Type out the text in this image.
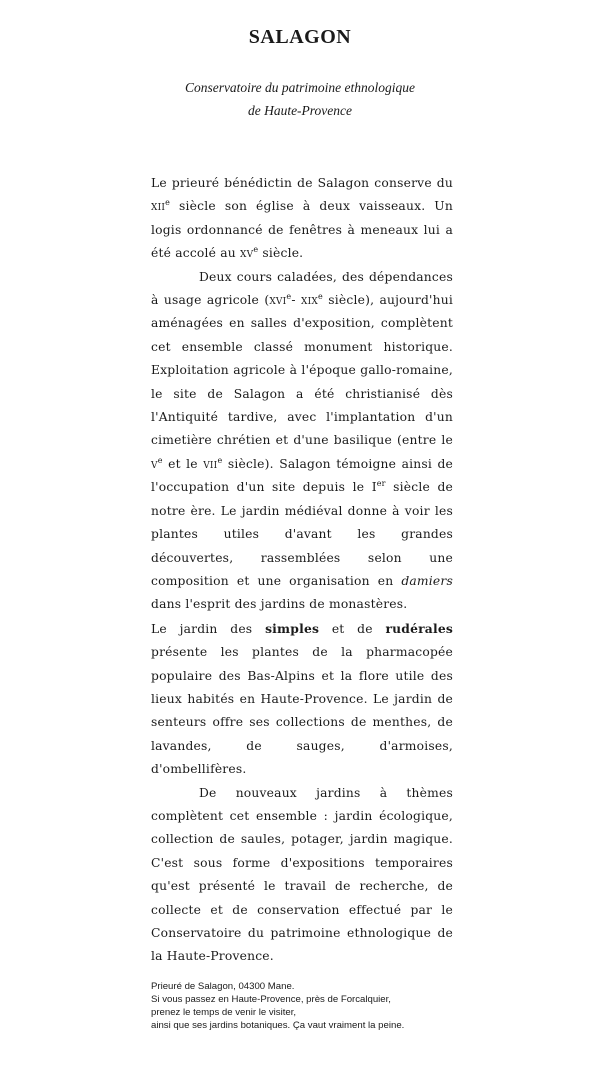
SALAGON
Conservatoire du patrimoine ethnologique
de Haute-Provence

Le prieuré bénédictin de Salagon conserve du xii$^e$ siècle son église à deux vaisseaux. Un logis ordonnancé de fenêtres à meneaux lui a été accolé au $xv^e$ siècle.

Deux cours caladées, des dépendances à usage agricole (xvi$^e$- xix$^e$ siècle), aujourd'hui aménagées en salles d'exposition, complètent cet ensemble classé monument historique. Exploitation agricole à l'époque gallo-romaine, le site de Salagon a été christianisé dès l'Antiquité tardive, avec l'implantation d'un cimetière chrétien et d'une basilique (entre le $v^e$ et le vii$^e$ siècle). Salagon témoigne ainsi de l'occupation d'un site depuis le Ier siècle de notre ère. Le jardin médiéval donne à voir les plantes utiles d'avant les grandes découvertes, rassemblées selon une composition et une organisation en damiers dans l'esprit des jardins de monastères.

Le jardin des simples et de rudérales présente les plantes de la pharmacopée populaire des Bas-Alpins et la flore utile des lieux habités en Haute-Provence. Le jardin de senteurs offre ses collections de menthes, de lavandes, de sauges, d'armoises, d'ombellifères.

De nouveaux jardins à thèmes complètent cet ensemble : jardin écologique, collection de saules, potager, jardin magique. C'est sous forme d'expositions temporaires qu'est présenté le travail de recherche, de collecte et de conservation effectué par le Conservatoire du patrimoine ethnologique de la Haute-Provence.

Prieuré de Salagon, 04300 Mane.
Si vous passez en Haute-Provence, près de Forcalquier,
prenez le temps de venir le visiter,
ainsi que ses jardins botaniques. Ça vaut vraiment la peine.
